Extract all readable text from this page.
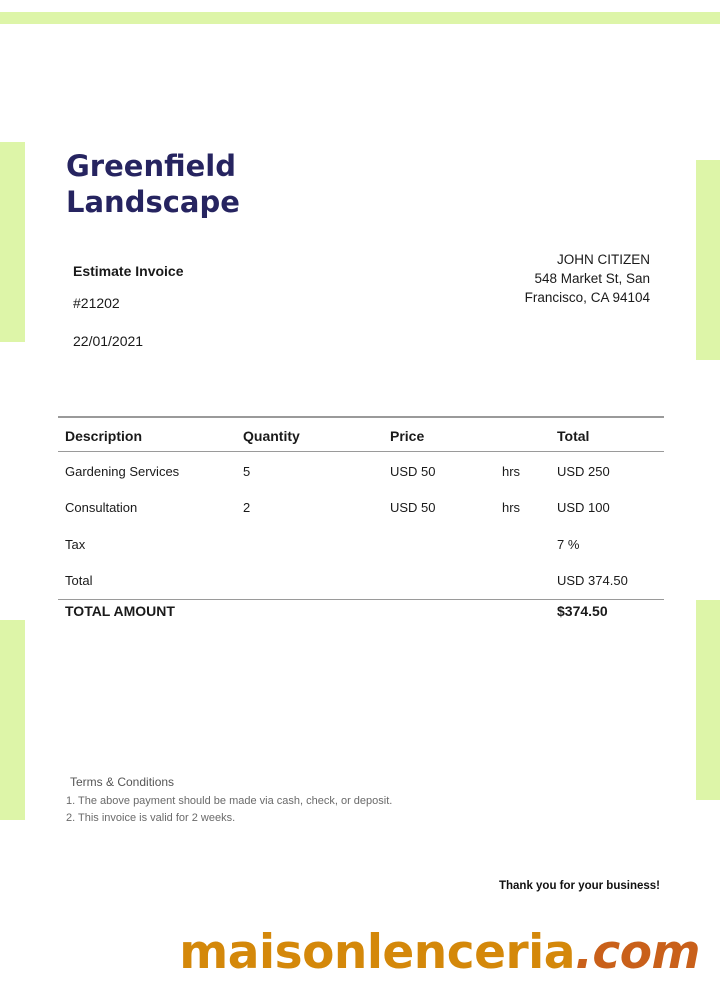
Greenfield
Landscape
Estimate Invoice
#21202
22/01/2021
JOHN CITIZEN
548 Market St, San
Francisco, CA 94104
Description	Quantity	Price	Total
Gardening Services	5	USD 50	hrs	USD 250
Consultation	2	USD 50	hrs	USD 100
Tax	7 %
Total	USD 374.50
TOTAL AMOUNT	$374.50
Terms & Conditions
1. The above payment should be made via cash, check, or deposit.
2. This invoice is valid for 2 weeks.
Thank you for your business!
maisonlenceria.com
